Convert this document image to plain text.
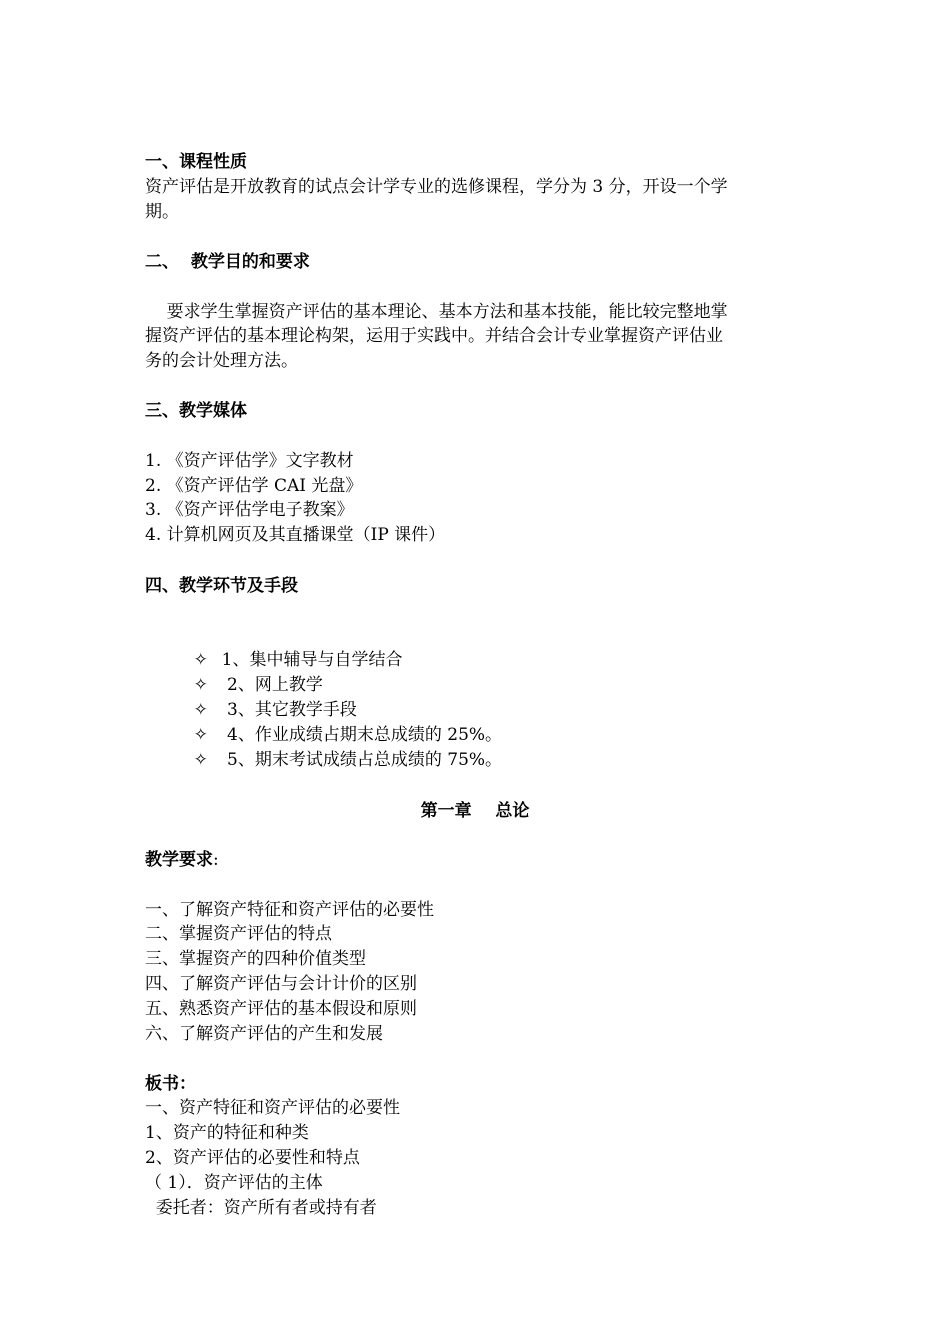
一、课程性质
资产评估是开放教育的试点会计学专业的选修课程，学分为 3 分，开设一个学
期。
二、  教学目的和要求
要求学生掌握资产评估的基本理论、基本方法和基本技能，能比较完整地掌
握资产评估的基本理论构架，运用于实践中。并结合会计专业掌握资产评估业
务的会计处理方法。
三、教学媒体
1. 《资产评估学》文字教材
2. 《资产评估学 CAI 光盘》
3. 《资产评估学电子教案》
4. 计算机网页及其直播课堂（IP 课件）
四、教学环节及手段

✧ 1、集中辅导与自学结合

✧ 2、网上教学

✧ 3、其它教学手段

✧ 4、作业成绩占期末总成绩的 25%。

✧ 5、期末考试成绩占总成绩的 75%。

第一章    总论
教学要求:
一、了解资产特征和资产评估的必要性
二、掌握资产评估的特点
三、掌握资产的四种价值类型
四、了解资产评估与会计计价的区别
五、熟悉资产评估的基本假设和原则
六、了解资产评估的产生和发展
板书：
一、资产特征和资产评估的必要性
1、资产的特征和种类
2、资产评估的必要性和特点
（ 1）．资产评估的主体
委托者：资产所有者或持有者
